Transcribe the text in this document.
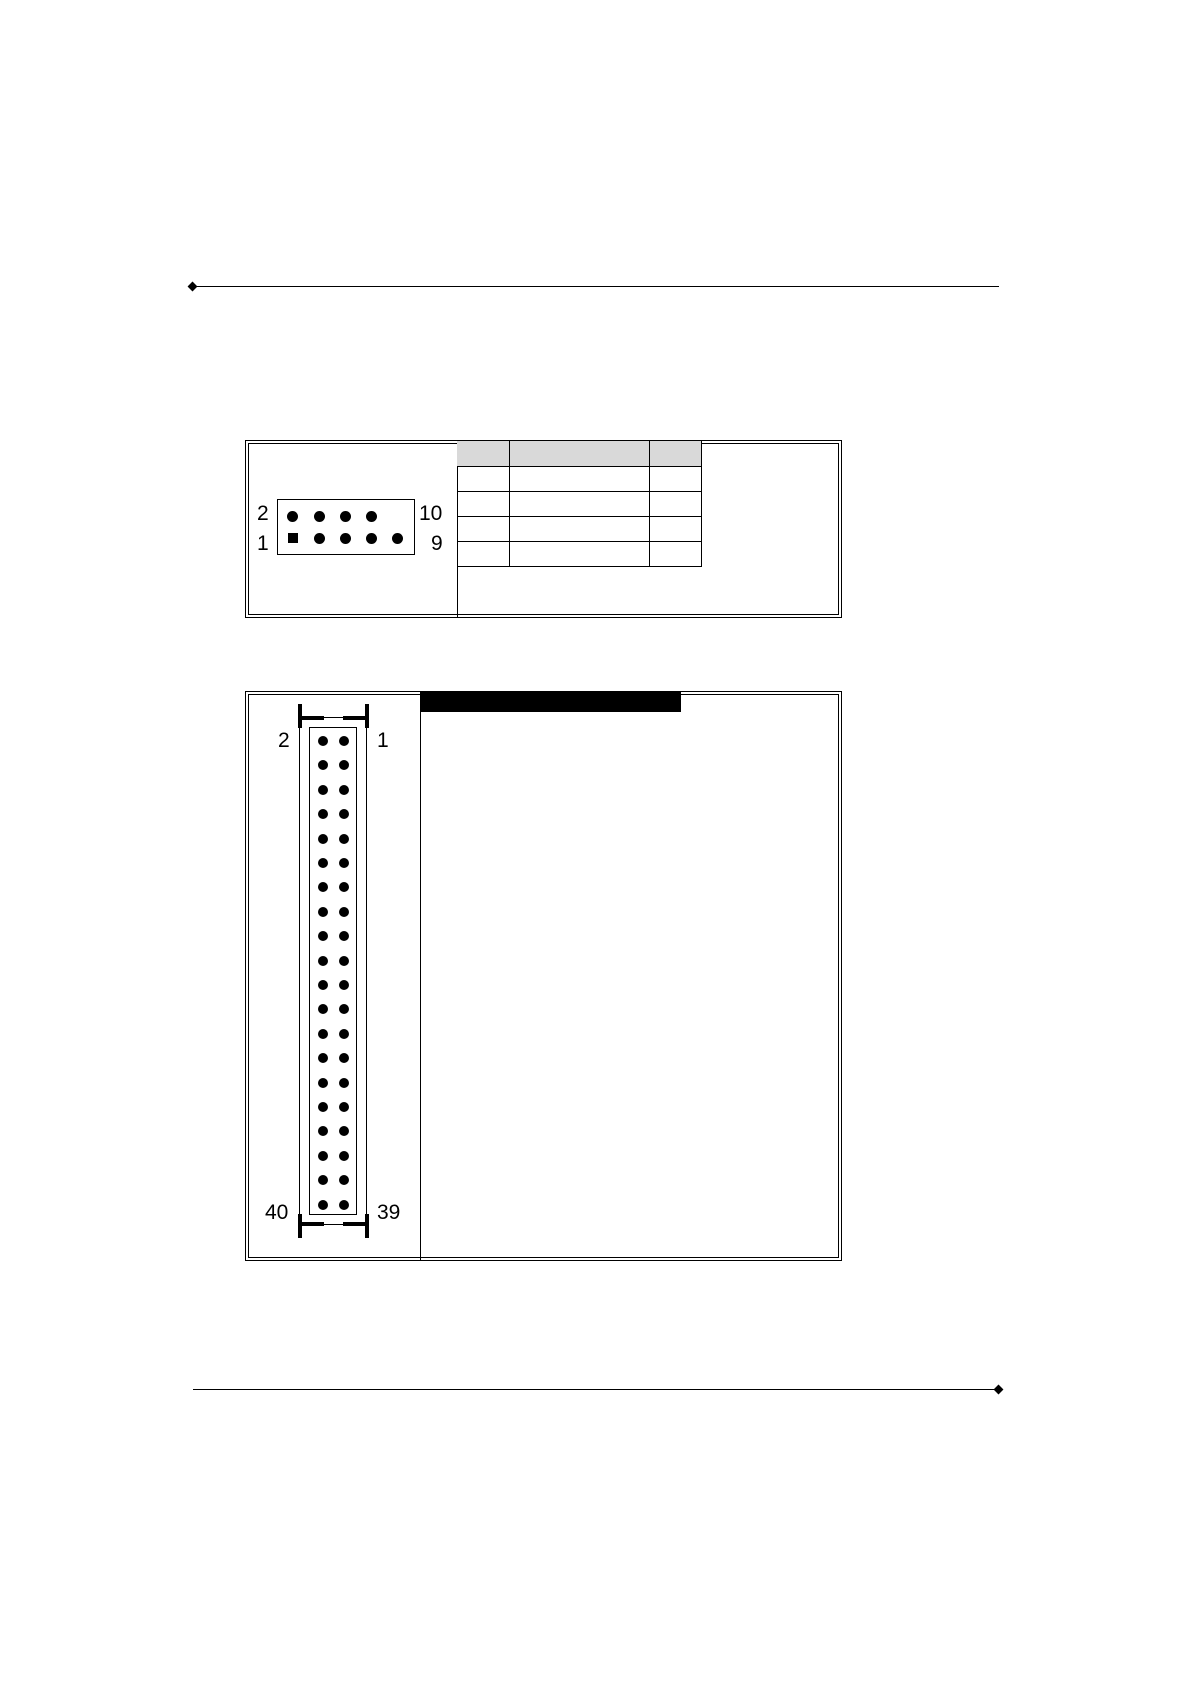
2
1
10
9

2	1
40	39
